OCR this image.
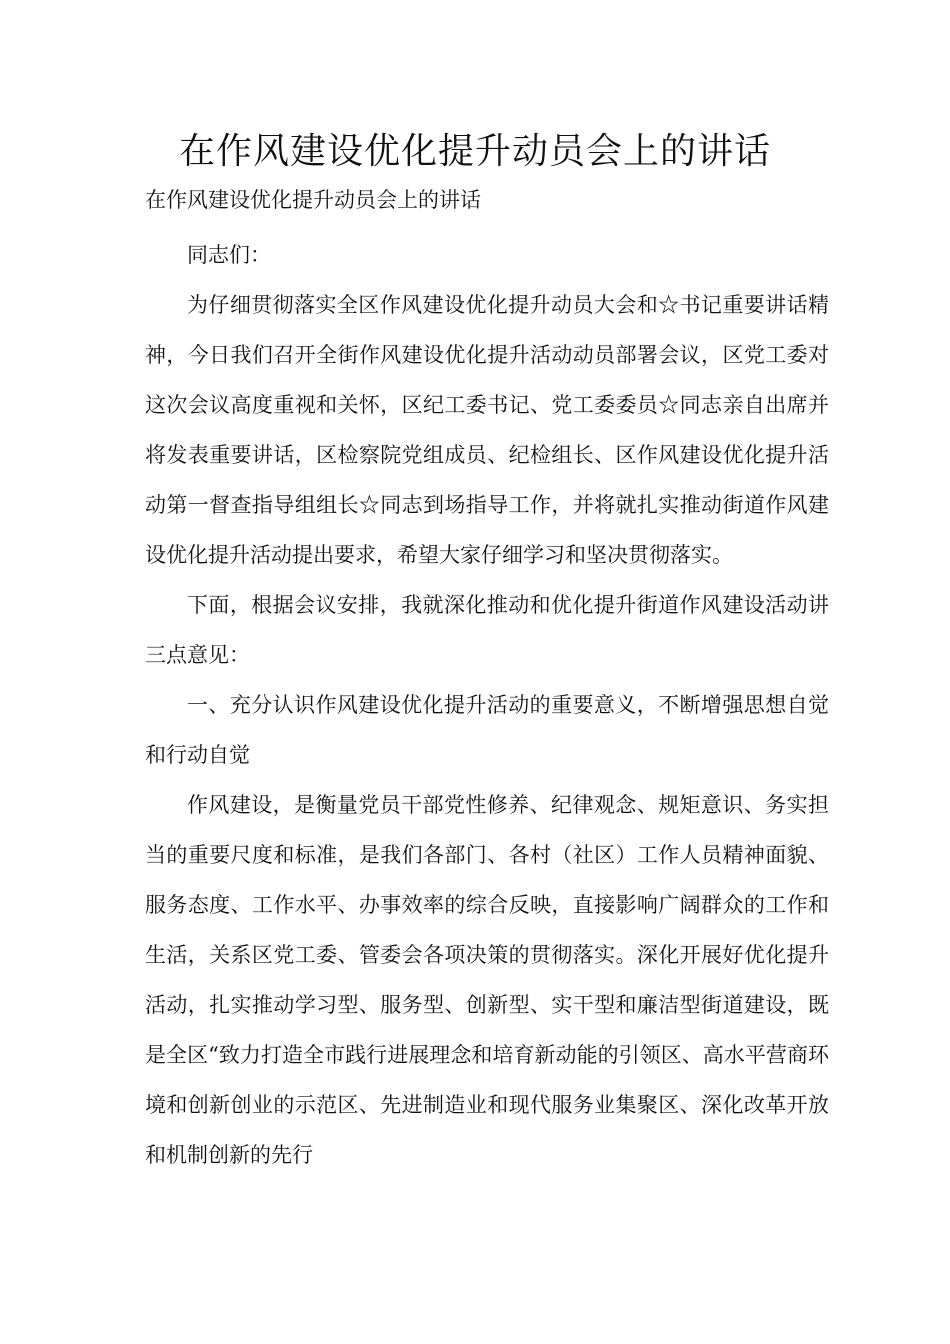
在作风建设优化提升动员会上的讲话

在作风建设优化提升动员会上的讲话

同志们：

为仔细贯彻落实全区作风建设优化提升动员大会和☆书记重要讲话精神，今日我们召开全街作风建设优化提升活动动员部署会议，区党工委对这次会议高度重视和关怀，区纪工委书记、党工委委员☆同志亲自出席并将发表重要讲话，区检察院党组成员、纪检组长、区作风建设优化提升活动第一督查指导组组长☆同志到场指导工作，并将就扎实推动街道作风建设优化提升活动提出要求，希望大家仔细学习和坚决贯彻落实。

下面，根据会议安排，我就深化推动和优化提升街道作风建设活动讲三点意见：

一、充分认识作风建设优化提升活动的重要意义，不断增强思想自觉和行动自觉

作风建设，是衡量党员干部党性修养、纪律观念、规矩意识、务实担当的重要尺度和标准，是我们各部门、各村（社区）工作人员精神面貌、服务态度、工作水平、办事效率的综合反映，直接影响广阔群众的工作和生活，关系区党工委、管委会各项决策的贯彻落实。深化开展好优化提升活动，扎实推动学习型、服务型、创新型、实干型和廉洁型街道建设，既是全区“致力打造全市践行进展理念和培育新动能的引领区、高水平营商环境和创新创业的示范区、先进制造业和现代服务业集聚区、深化改革开放和机制创新的先行
